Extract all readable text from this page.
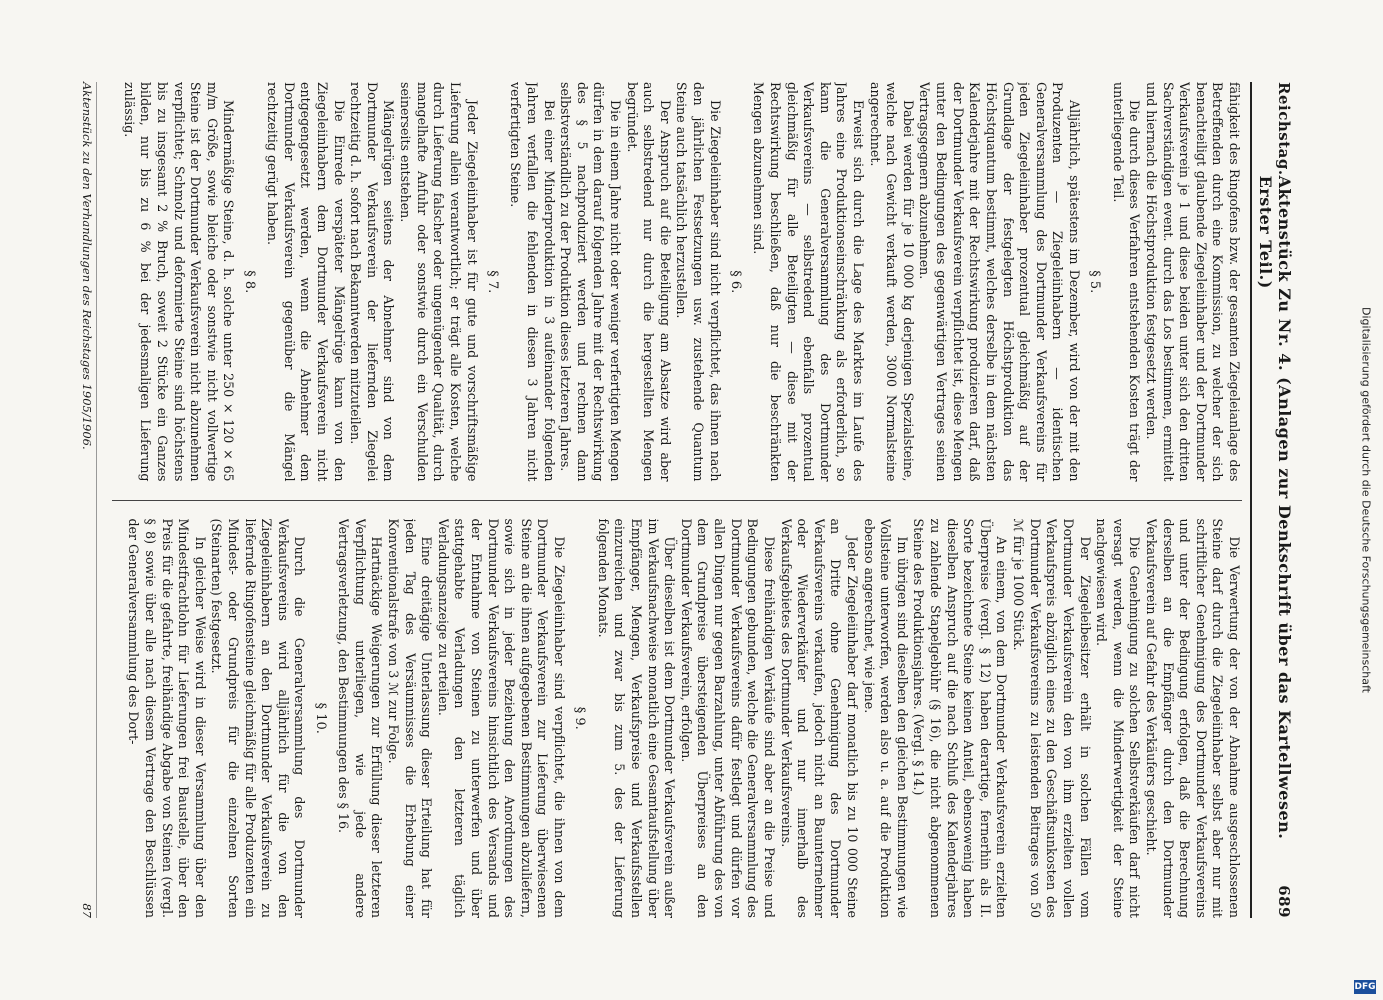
Reichstag.
Aktenstück Zu Nr. 4. (Anlagen zur Denkschrift über das Kartellwesen. Erster Teil.)
689

fähigkeit des Ringofens bzw. der gesamten Ziegeleianlage des Betreffenden durch eine Kommission, zu welcher der sich benachteiligt glaubende Ziegeleiinhaber und der Dortmunder Verkaufsverein je 1 und diese beiden unter sich den dritten Sachverständigen event. durch das Los bestimmen, ermittelt und hiernach die Höchstproduktion festgesetzt werden.

Die durch dieses Verfahren entstehenden Kosten trägt der unterliegende Teil.

§ 5.

Alljährlich, spätestens im Dezember, wird von der mit den Produzenten — Ziegeleiinhabern — identischen Generalversammlung des Dortmunder Verkaufsvereins für jeden Ziegeleiinhaber prozentual gleichmäßig auf der Grundlage der festgelegten Höchstproduktion das Höchstquantum bestimmt, welches derselbe in dem nächsten Kalenderjahre mit der Rechtswirkung produzieren darf, daß der Dortmunder Verkaufsverein verpflichtet ist, diese Mengen unter den Bedingungen des gegenwärtigen Vertrages seinen Vertragsgegnern abzunehmen.

Dabei werden für je 10 000 kg derjenigen Spezialsteine, welche nach Gewicht verkauft werden, 3000 Normalsteine angerechnet.

Erweist sich durch die Lage des Marktes im Laufe des Jahres eine Produktionseinschränkung als erforderlich, so kann die Generalversammlung des Dortmunder Verkaufsvereins — selbstredend ebenfalls prozentual gleichmäßig für alle Beteiligten — diese mit der Rechtswirkung beschließen, daß nur die beschränkten Mengen abzunehmen sind.

§ 6.

Die Ziegeleiinhaber sind nicht verpflichtet, das ihnen nach den jährlichen Festsetzungen usw. zustehende Quantum Steine auch tatsächlich herzustellen.

Der Anspruch auf die Beteiligung am Absatze wird aber auch selbstredend nur durch die hergestellten Mengen begründet.

Die in einem Jahre nicht oder weniger verfertigten Mengen dürfen in dem darauf folgenden Jahre mit der Rechtswirkung des § 5 nachproduziert werden und rechnen dann selbstverständlich zu der Produktion dieses letzteren Jahres.

Bei einer Minderproduktion in 3 aufeinander folgenden Jahren verfallen die fehlenden in diesen 3 Jahren nicht verfertigten Steine.

§ 7.

Jeder Ziegeleiinhaber ist für gute und vorschriftsmäßige Lieferung allein verantwortlich; er trägt alle Kosten, welche durch Lieferung falscher oder ungenügender Qualität, durch mangelhafte Anfuhr oder sonstwie durch ein Verschulden seinerseits entstehen.

Mängelrügen seitens der Abnehmer sind von dem Dortmunder Verkaufsverein der liefernden Ziegelei rechtzeitig d. h. sofort nach Bekanntwerden mitzuteilen.

Die Einrede verspäteter Mängelrüge kann von den Ziegeleiinhabern dem Dortmunder Verkaufsverein nicht entgegengesetzt werden, wenn die Abnehmer dem Dortmunder Verkaufsverein gegenüber die Mängel rechtzeitig gerügt haben.

§ 8.

Mindermäßige Steine, d. h. solche unter 250 × 120 × 65 m/m Größe, sowie bleiche oder sonstwie nicht vollwertige Steine ist der Dortmunder Verkaufsverein nicht abzunehmen verpflichtet; Schmolz und deformierte Steine sind höchstens bis zu insgesamt 2 % Bruch, soweit 2 Stücke ein Ganzes bilden, nur bis zu 6 % bei der jedesmaligen Lieferung zulässig.

Die Verwertung der von der Abnahme ausgeschlossenen Steine darf durch die Ziegeleiinhaber selbst aber nur mit schriftlicher Genehmigung des Dortmunder Verkaufsvereins und unter der Bedingung erfolgen, daß die Berechnung derselben an die Empfänger durch den Dortmunder Verkaufsverein auf Gefahr des Verkäufers geschieht.

Die Genehmigung zu solchen Selbstverkäufen darf nicht versagt werden, wenn die Minderwertigkeit der Steine nachgewiesen wird.

Der Ziegeleibesitzer erhält in solchen Fällen vom Dortmunder Verkaufsverein den von ihm erzielten vollen Verkaufspreis abzüglich eines zu den Geschäftsunkosten des Dortmunder Verkaufsvereins zu leistenden Beitrages von 50 ℳ für je 1000 Stück.

An einem, von dem Dortmunder Verkaufsverein erzielten Überpreise (vergl. § 12) haben derartige, fernerhin als II. Sorte bezeichnete Steine keinen Anteil, ebensowenig haben dieselben Anspruch auf die nach Schluß des Kalenderjahres zu zahlende Stapelgebühr (§ 16), die nicht abgenommenen Steine des Produktionsjahres. (Vergl. § 14.)

Im übrigen sind dieselben den gleichen Bestimmungen wie Vollsteine unterworfen, werden also u. a. auf die Produktion ebenso angerechnet, wie jene.

Jeder Ziegeleiinhaber darf monatlich bis zu 10 000 Steine an Dritte ohne Genehmigung des Dortmunder Verkaufsvereins verkaufen, jedoch nicht an Baunternehmer oder Wiederverkäufer und nur innerhalb des Verkaufsgebietes des Dortmunder Verkaufsvereins.

Diese freihändigen Verkäufe sind aber an die Preise und Bedingungen gebunden, welche die Generalversammlung des Dortmunder Verkaufsvereins dafür festlegt und dürfen vor allen Dingen nur gegen Barzahlung, unter Abführung des von dem Grundpreise übersteigenden Überpreises an den Dortmunder Verkaufsverein, erfolgen.

Über dieselben ist dem Dortmunder Verkaufsverein außer im Verkaufsnachweise monatlich eine Gesamtaufstellung über Empfänger, Mengen, Verkaufspreise und Verkaufsstellen einzureichen und zwar bis zum 5. des der Lieferung folgenden Monats.

§ 9.

Die Ziegeleiinhaber sind verpflichtet, die ihnen von dem Dortmunder Verkaufsverein zur Lieferung überwiesenen Steine an die ihnen aufgegebenen Bestimmungen abzuliefern, sowie sich in jeder Beziehung den Anordnungen des Dortmunder Verkaufsvereins hinsichtlich des Versands und der Entnahme von Steinen zu unterwerfen und über stattgehabte Verladungen den letzteren täglich Verladungsanzeige zu erteilen.

Eine dreitägige Unterlassung dieser Erteilung hat für jeden Tag des Versäumnisses die Erhebung einer Konventionalstrafe von 3 ℳ zur Folge.

Hartnäckige Weigerungen zur Erfüllung dieser letzteren Verpflichtung unterliegen, wie jede andere Vertragsverletzung, den Bestimmungen des § 16.

§ 10.

Durch die Generalversammlung des Dortmunder Verkaufsvereins wird alljährlich für die von den Ziegeleiinhabern an den Dortmunder Verkaufsverein zu liefernde Ringofensteine gleichmäßig für alle Produzenten ein Mindest- oder Grundpreis für die einzelnen Sorten (Steinarten) festgesetzt.

In gleicher Weise wird in dieser Versammlung über den Mindestfrachtlohn für Lieferungen frei Baustelle, über den Preis für die gefahrte, freihändige Abgabe von Steinen (vergl. § 8) sowie über alle nach diesem Vertrage den Beschlüssen der Generalversammlung des Dort-

Aktenstück zu den Verhandlungen des Reichstages 1905/1906.
87
Digitalisierung gefördert durch die Deutsche Forschungsgemeinschaft
DFG
